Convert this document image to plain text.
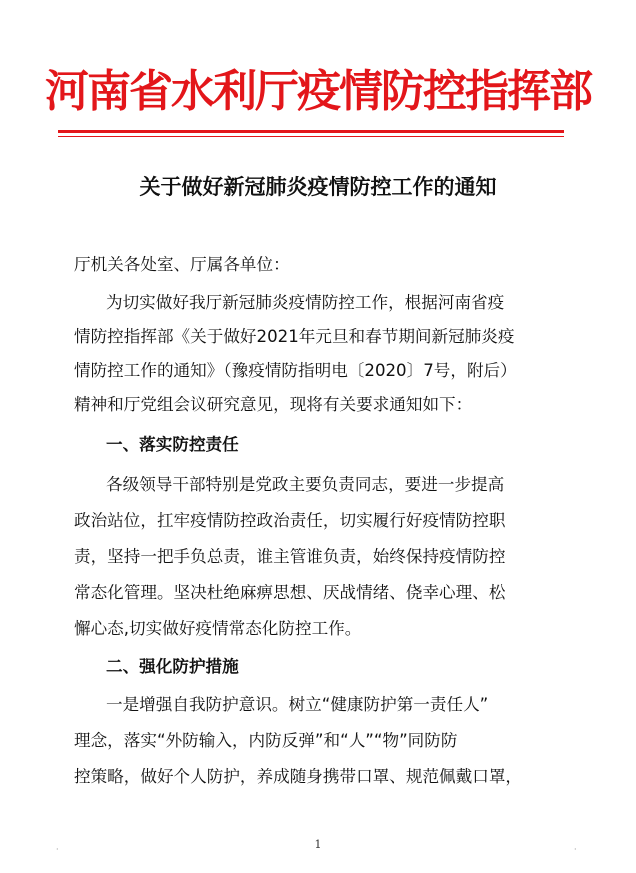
河南省水利厅疫情防控指挥部
关于做好新冠肺炎疫情防控工作的通知
厅机关各处室、厅属各单位：
为切实做好我厅新冠肺炎疫情防控工作，根据河南省疫
情防控指挥部《关于做好2021年元旦和春节期间新冠肺炎疫
情防控工作的通知》（豫疫情防指明电〔2020〕7号，附后）
精神和厅党组会议研究意见，现将有关要求通知如下：
一、落实防控责任
各级领导干部特别是党政主要负责同志，要进一步提高
政治站位，扛牢疫情防控政治责任，切实履行好疫情防控职
责，坚持一把手负总责，谁主管谁负责，始终保持疫情防控
常态化管理。坚决杜绝麻痹思想、厌战情绪、侥幸心理、松
懈心态,切实做好疫情常态化防控工作。
二、强化防护措施
一是增强自我防护意识。树立“健康防护第一责任人”
理念，落实“外防输入，内防反弹”和“人”“物”同防防
控策略，做好个人防护，养成随身携带口罩、规范佩戴口罩，
·	1	·
